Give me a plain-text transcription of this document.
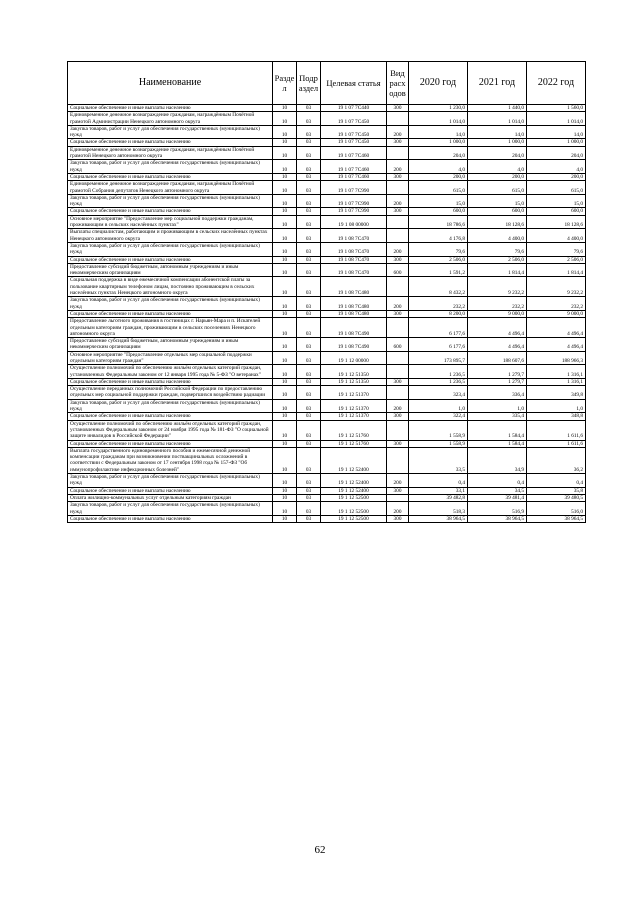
Наименование	Разде л	Подр аздел	Целевая статья	Вид расх одов	2020 год	2021 год	2022 год
Социальное обеспечение и иные выплаты населению	10	03	19 1 07 7С440	300	1 230,0	1 440,0	1 560,0
Единовременное денежное вознаграждение гражданам, награждённым Почётной грамотой Администрации Ненецкого автономного округа	10	03	19 1 07 7С450		1 014,0	1 014,0	1 014,0
Закупка товаров, работ и услуг для обеспечения государственных (муниципальных) нужд	10	03	19 1 07 7С450	200	14,0	14,0	14,0
Социальное обеспечение и иные выплаты населению	10	03	19 1 07 7С450	300	1 000,0	1 000,0	1 000,0
Единовременное денежное вознаграждение гражданам, награждённым Почётной грамотой Ненецкого автономного округа	10	03	19 1 07 7С460		204,0	204,0	204,0
Закупка товаров, работ и услуг для обеспечения государственных (муниципальных) нужд	10	03	19 1 07 7С460	200	4,0	4,0	4,0
Социальное обеспечение и иные выплаты населению	10	03	19 1 07 7С460	300	200,0	200,0	200,0
Единовременное денежное вознаграждение гражданам, награждённым Почётной грамотой Собрания депутатов Ненецкого автономного округа	10	03	19 1 07 7С990		615,0	615,0	615,0
Закупка товаров, работ и услуг для обеспечения государственных (муниципальных) нужд	10	03	19 1 07 7С990	200	15,0	15,0	15,0
Социальное обеспечение и иные выплаты населению	10	03	19 1 07 7С990	300	600,0	600,0	600,0
Основное мероприятие "Предоставление мер социальной поддержки гражданам, проживающим в сельских населённых пунктах"	10	03	19 1 08 00000		18 786,6	18 128,6	18 128,6
Выплаты специалистам, работающим и проживающим в сельских населённых пунктах Ненецкого автономного округа	10	03	19 1 08 7С470		4 176,8	4 400,0	4 400,0
Закупка товаров, работ и услуг для обеспечения государственных (муниципальных) нужд	10	03	19 1 08 7С470	200	79,6	79,6	79,6
Социальное обеспечение и иные выплаты населению	10	03	19 1 08 7С470	300	2 506,0	2 506,0	2 506,0
Предоставление субсидий бюджетным, автономным учреждениям и иным некоммерческим организациям	10	03	19 1 08 7С470	600	1 591,2	1 814,4	1 814,4
Социальная поддержка в виде ежемесячной компенсации абонентской платы за пользование квартирным телефоном лицам, постоянно проживающим в сельских населённых пунктах Ненецкого автономного округа	10	03	19 1 08 7С480		8 432,2	9 232,2	9 232,2
Закупка товаров, работ и услуг для обеспечения государственных (муниципальных) нужд	10	03	19 1 08 7С480	200	232,2	232,2	232,2
Социальное обеспечение и иные выплаты населению	10	03	19 1 08 7С480	300	8 200,0	9 000,0	9 000,0
Предоставление льготного проживания в гостиницах г. Нарьян-Мара и п. Искателей отдельным категориям граждан, проживающим в сельских поселениях Ненецкого автономного округа	10	03	19 1 08 7С490		6 177,6	4 496,4	4 496,4
Предоставление субсидий бюджетным, автономным учреждениям и иным некоммерческим организациям	10	03	19 1 08 7С490	600	6 177,6	4 496,4	4 496,4
Основное мероприятие "Предоставление отдельных мер социальной поддержки отдельным категориям граждан"	10	03	19 1 12 00000		173 895,7	188 607,6	188 966,3
Осуществление полномочий по обеспечению жильём отдельных категорий граждан, установленных Федеральным законом от 12 января 1995 года № 5-ФЗ "О ветеранах"	10	03	19 1 12 51350		1 236,5	1 279,7	1 316,1
Социальное обеспечение и иные выплаты населению	10	03	19 1 12 51350	300	1 236,5	1 279,7	1 316,1
Осуществление переданных полномочий Российской Федерации по предоставлению отдельных мер социальной поддержки граждан, подвергшихся воздействию радиации	10	03	19 1 12 51370		323,4	336,4	349,8
Закупка товаров, работ и услуг для обеспечения государственных (муниципальных) нужд	10	03	19 1 12 51370	200	1,0	1,0	1,0
Социальное обеспечение и иные выплаты населению	10	03	19 1 12 51370	300	322,4	335,4	348,8
Осуществление полномочий по обеспечению жильём отдельных категорий граждан, установленных Федеральным законом от 24 ноября 1995 года № 181-ФЗ "О социальной защите инвалидов в Российской Федерации"	10	03	19 1 12 51760		1 558,9	1 584,4	1 611,6
Социальное обеспечение и иные выплаты населению	10	03	19 1 12 51760	300	1 558,9	1 584,4	1 611,6
Выплата государственного единовременного пособия и ежемесячной денежной компенсации гражданам при возникновении поствакцинальных осложнений в соответствии с Федеральным законом от 17 сентября 1998 года № 157-ФЗ "Об иммунопрофилактике инфекционных болезней"	10	03	19 1 12 52400		33,5	34,9	36,2
Закупка товаров, работ и услуг для обеспечения государственных (муниципальных) нужд	10	03	19 1 12 52400	200	0,4	0,4	0,4
Социальное обеспечение и иные выплаты населению	10	03	19 1 12 52400	300	33,1	34,5	35,8
Оплата жилищно-коммунальных услуг отдельным категориям граждан	10	03	19 1 12 52500		39 482,8	39 481,4	39 480,5
Закупка товаров, работ и услуг для обеспечения государственных (муниципальных) нужд	10	03	19 1 12 52500	200	518,3	516,9	516,0
Социальное обеспечение и иные выплаты населению	10	03	19 1 12 52500	300	38 964,5	38 964,5	38 964,5
62
